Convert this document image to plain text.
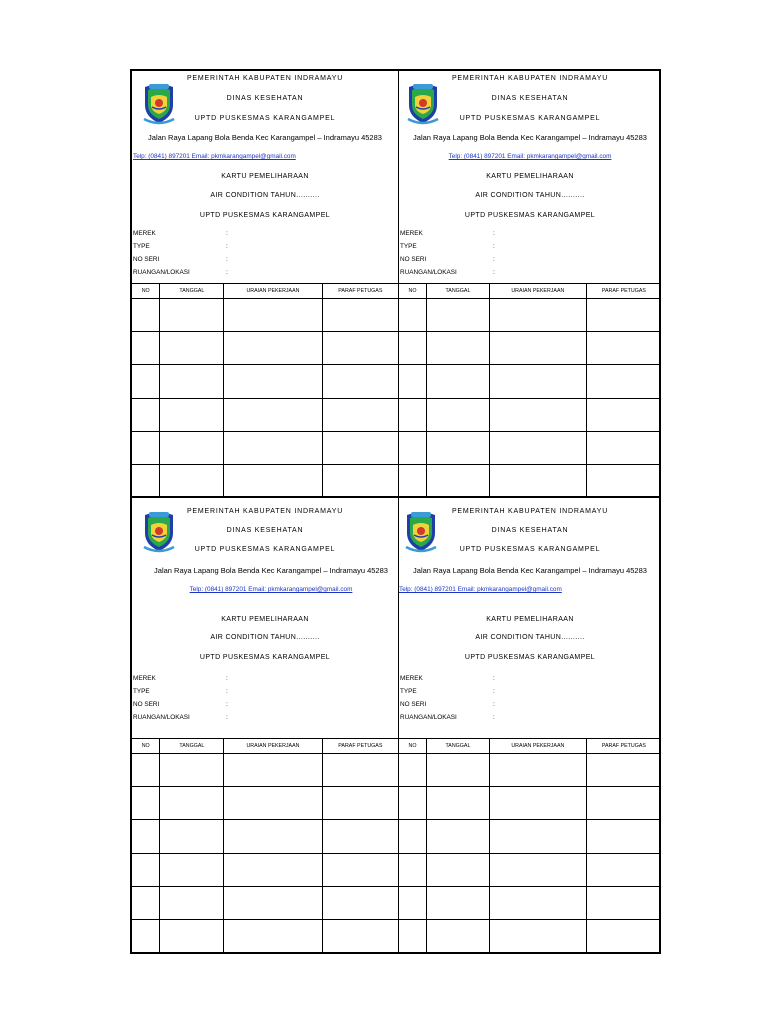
PEMERINTAH KABUPATEN INDRAMAYU
DINAS KESEHATAN
UPTD PUSKESMAS KARANGAMPEL
Jalan Raya Lapang Bola Benda Kec Karangampel – Indramayu 45283
Telp: (0841) 897201 Email: pkmkarangampel@gmail.com
KARTU PEMELIHARAAN
AIR CONDITION TAHUN..........
UPTD PUSKESMAS KARANGAMPEL
MEREK	:
TYPE	:
NO SERI	:
RUANGAN/LOKASI	:
NO	TANGGAL	URAIAN PEKERJAAN	PARAF PETUGAS

PEMERINTAH KABUPATEN INDRAMAYU
DINAS KESEHATAN
UPTD PUSKESMAS KARANGAMPEL
Jalan Raya Lapang Bola Benda Kec Karangampel – Indramayu 45283
Telp: (0841) 897201 Email: pkmkarangampel@gmail.com
KARTU PEMELIHARAAN
AIR CONDITION TAHUN..........
UPTD PUSKESMAS KARANGAMPEL
MEREK	:
TYPE	:
NO SERI	:
RUANGAN/LOKASI	:
NO	TANGGAL	URAIAN PEKERJAAN	PARAF PETUGAS

PEMERINTAH KABUPATEN INDRAMAYU
DINAS KESEHATAN
UPTD PUSKESMAS KARANGAMPEL
Jalan Raya Lapang Bola Benda Kec Karangampel – Indramayu 45283
Telp: (0841) 897201 Email: pkmkarangampel@gmail.com
KARTU PEMELIHARAAN
AIR CONDITION TAHUN..........
UPTD PUSKESMAS KARANGAMPEL
MEREK	:
TYPE	:
NO SERI	:
RUANGAN/LOKASI	:
NO	TANGGAL	URAIAN PEKERJAAN	PARAF PETUGAS

PEMERINTAH KABUPATEN INDRAMAYU
DINAS KESEHATAN
UPTD PUSKESMAS KARANGAMPEL
Jalan Raya Lapang Bola Benda Kec Karangampel – Indramayu 45283
Telp: (0841) 897201 Email: pkmkarangampel@gmail.com
KARTU PEMELIHARAAN
AIR CONDITION TAHUN..........
UPTD PUSKESMAS KARANGAMPEL
MEREK	:
TYPE	:
NO SERI	:
RUANGAN/LOKASI	:
NO	TANGGAL	URAIAN PEKERJAAN	PARAF PETUGAS
